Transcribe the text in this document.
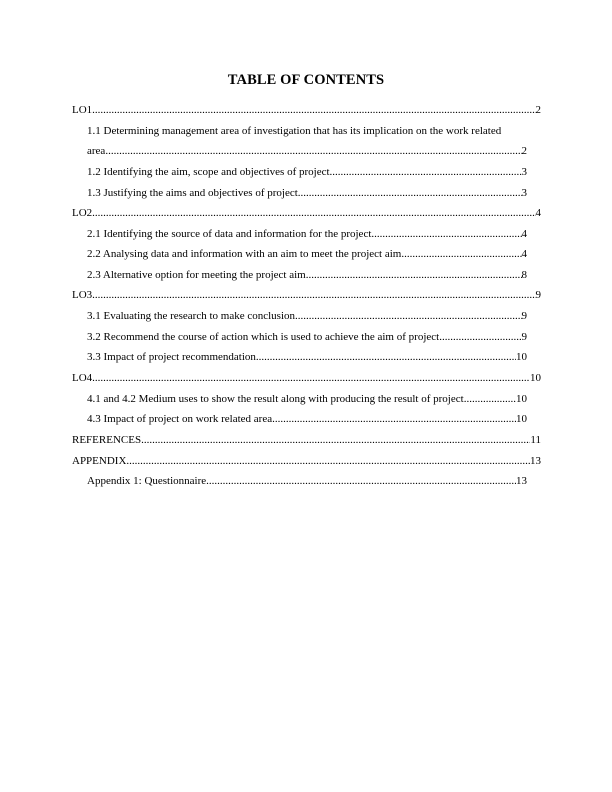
TABLE OF CONTENTS
LO1 .....	2
1.1 Determining management area of investigation that has its implication on the work related
area .....	2
1.2 Identifying the aim, scope and objectives of project .....	3
1.3 Justifying the aims and objectives of project .....	3
LO2 .....	4
2.1 Identifying the source of data and information for the project .....	4
2.2 Analysing data and information with an aim to meet the project aim .....	4
2.3 Alternative option for meeting the project aim .....	8
LO3 .....	9
3.1 Evaluating the research to make conclusion .....	9
3.2 Recommend the course of action which is used to achieve the aim of project .....	9
3.3 Impact of project recommendation .....	10
LO4 .....	10
4.1 and 4.2 Medium uses to show the result along with producing the result of project .....	10
4.3 Impact of project on work related area .....	10
REFERENCES .....	11
APPENDIX .....	13
Appendix 1: Questionnaire .....	13
